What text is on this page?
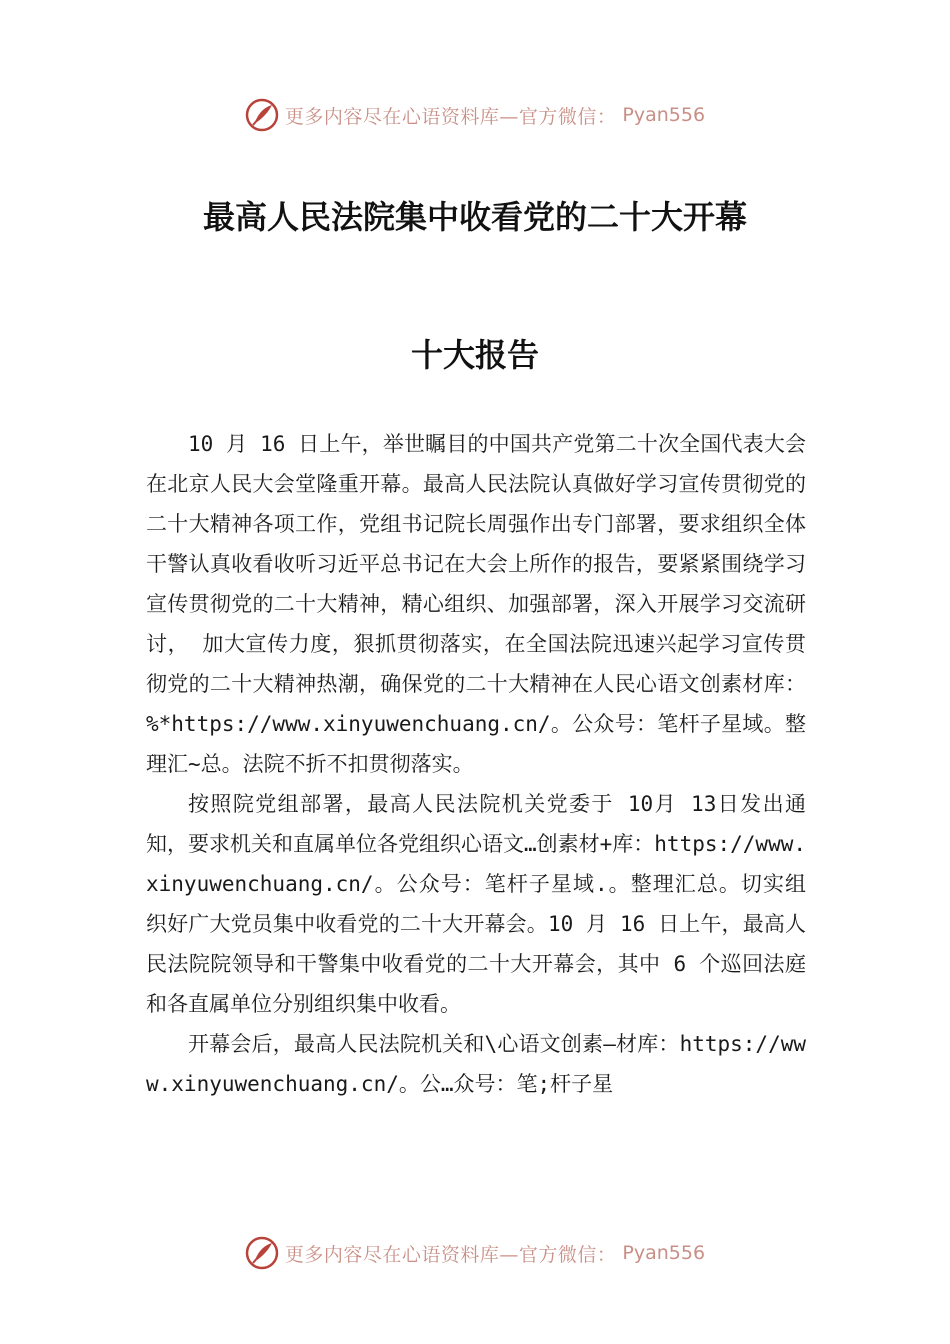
更多内容尽在心语资料库—官方微信： Pyan556
最高人民法院集中收看党的二十大开幕
十大报告

10 月 16 日上午，举世瞩目的中国共产党第二十次全国代表大会在北京人民大会堂隆重开幕。最高人民法院认真做好学习宣传贯彻党的二十大精神各项工作，党组书记院长周强作出专门部署，要求组织全体干警认真收看收听习近平总书记在大会上所作的报告，要紧紧围绕学习宣传贯彻党的二十大精神，精心组织、加强部署，深入开展学习交流研讨， 加大宣传力度，狠抓贯彻落实，在全国法院迅速兴起学习宣传贯彻党的二十大精神热潮，确保党的二十大精神在人民心语文创素材库：%*https://www.xinyuwenchuang.cn/。公众号：笔杆子星域。整理汇~总。法院不折不扣贯彻落实。

按照院党组部署，最高人民法院机关党委于 10月 13日发出通知，要求机关和直属单位各党组织心语文…创素材+库：https://www.xinyuwenchuang.cn/。公众号：笔杆子星域.。整理汇总。切实组织好广大党员集中收看党的二十大开幕会。10 月 16 日上午，最高人民法院院领导和干警集中收看党的二十大开幕会，其中 6 个巡回法庭和各直属单位分别组织集中收看。

开幕会后，最高人民法院机关和\心语文创素—材库：https://www.xinyuwenchuang.cn/。公…众号：笔;杆子星

更多内容尽在心语资料库—官方微信： Pyan556
